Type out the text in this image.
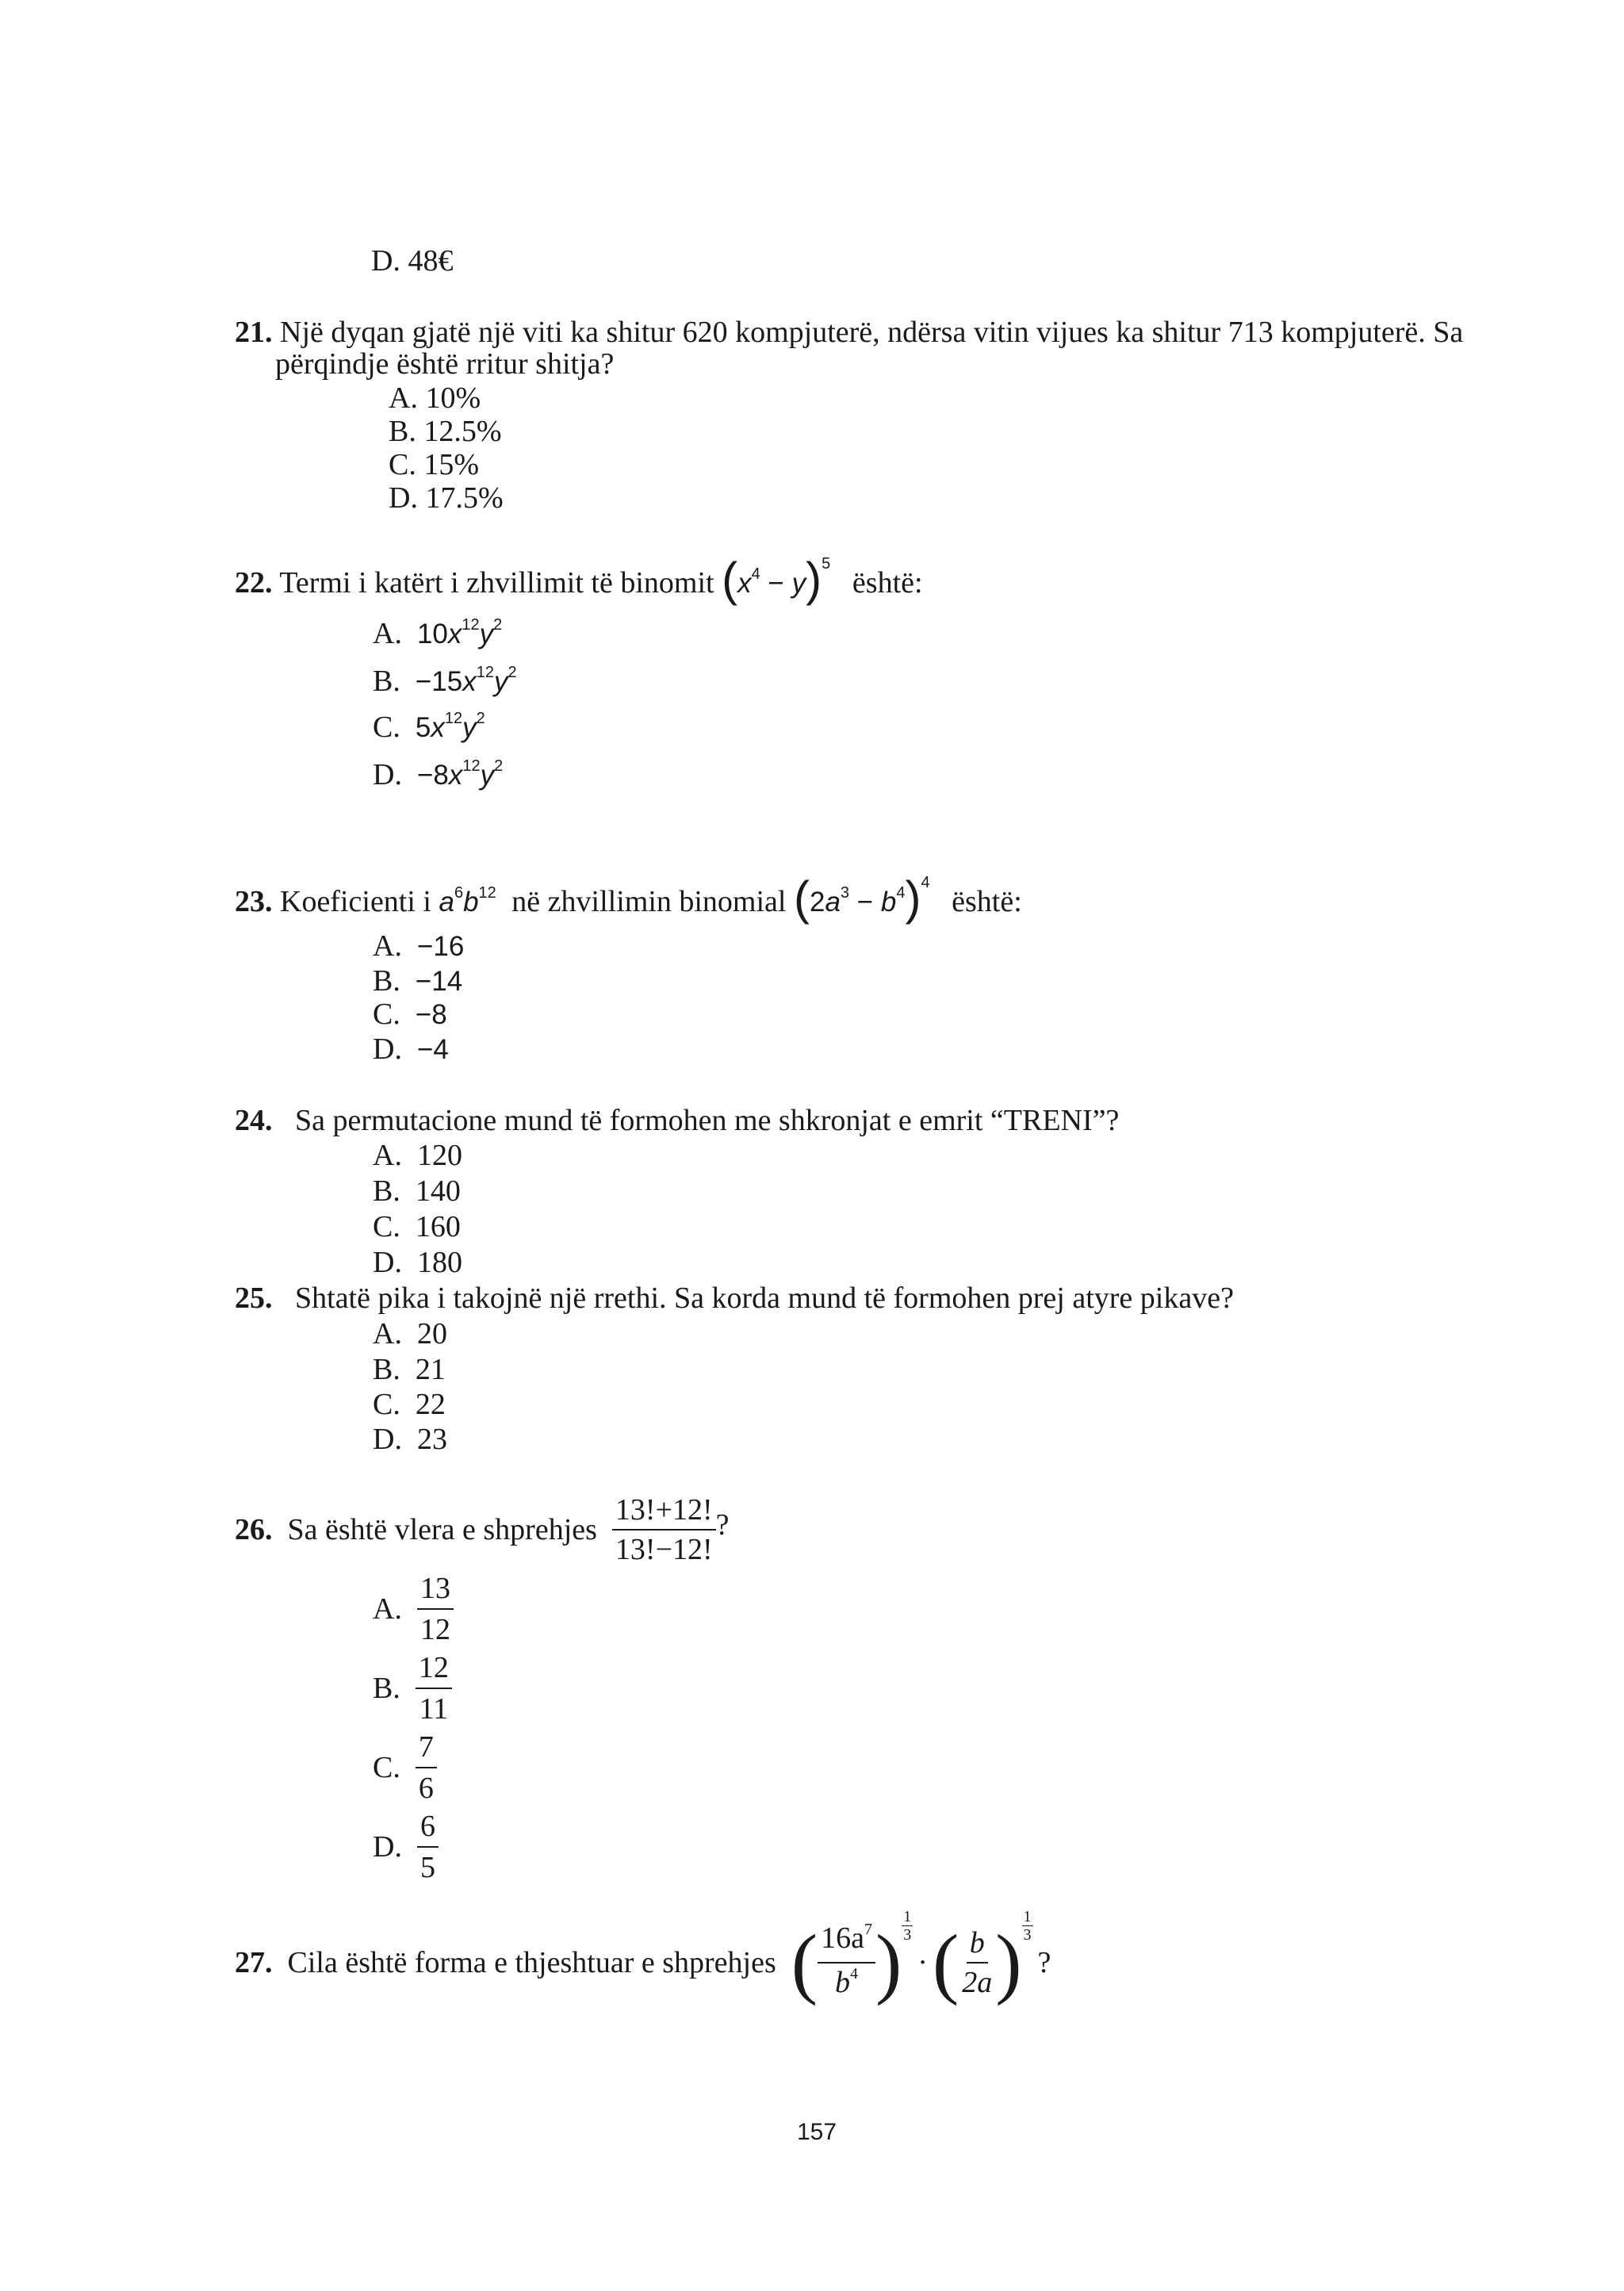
D. 48€
21. Një dyqan gjatë një viti ka shitur 620 kompjuterë, ndërsa vitin vijues ka shitur 713 kompjuterë. Sa
përqindje është rritur shitja?
A. 10%
B. 12.5%
C. 15%
D. 17.5%
22. Termi i katërt i zhvillimit të binomit $(x^4 - y)^5$ është:
A. $10x^{12}y^2$
B. $-15x^{12}y^2$
C. $5x^{12}y^2$
D. $-8x^{12}y^2$
23. Koeficienti i $a^6b^{12}$ në zhvillimin binomial $(2a^3 - b^4)^4$ është:
A. −16
B. −14
C. −8
D. −4
24. Sa permutacione mund të formohen me shkronjat e emrit “TRENI”?
A. 120
B. 140
C. 160
D. 180
25. Shtatë pika i takojnë një rrethi. Sa korda mund të formohen prej atyre pikave?
A. 20
B. 21
C. 22
D. 23
26.
Sa është vlera e shprehjes
$\frac{13!+12!}{13!-12!}$ ?
A.
$\frac{13}{12}$
B.
$\frac{12}{11}$
C.
$\frac{7}{6}$
D.
$\frac{6}{5}$
27.
Cila është forma e thjeshtuar e shprehjes
( $\frac{16a^7}{b^4}$ ) $\frac{1}{3}$
· ( $\frac{b}{2a}$ ) $\frac{1}{3}$
?
157
